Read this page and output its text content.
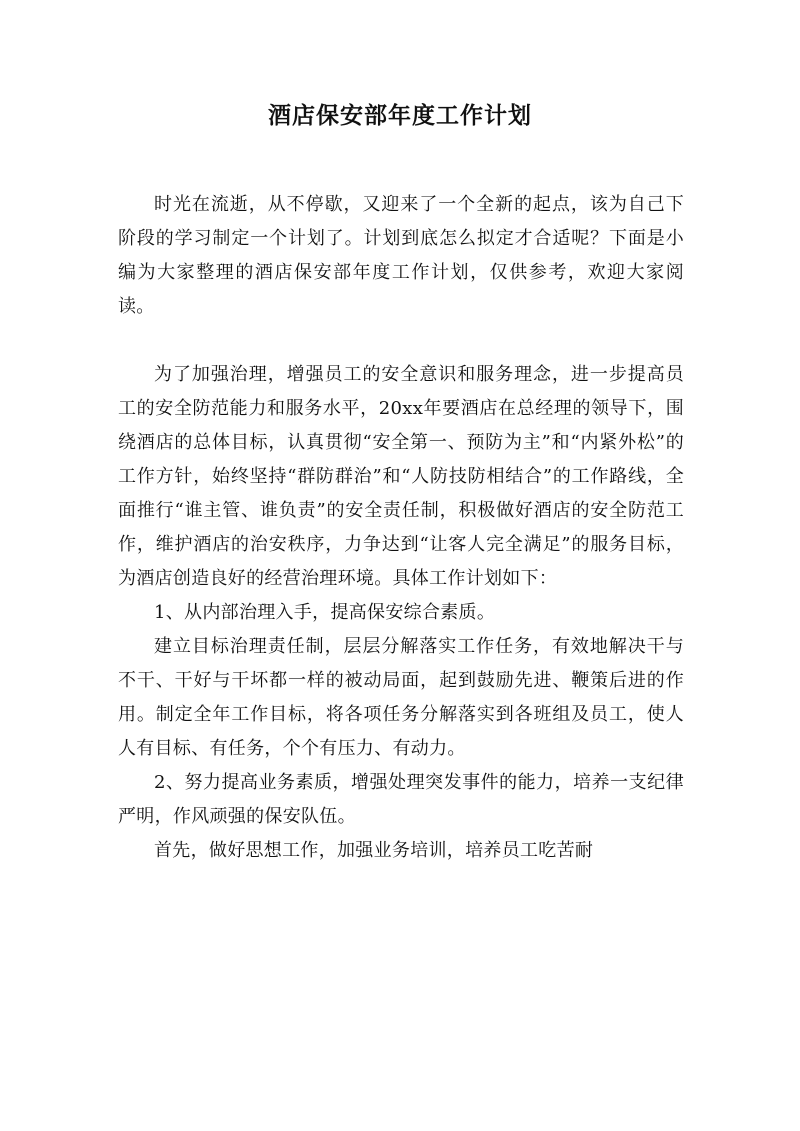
酒店保安部年度工作计划

时光在流逝，从不停歇，又迎来了一个全新的起点，该为自己下阶段的学习制定一个计划了。计划到底怎么拟定才合适呢？下面是小编为大家整理的酒店保安部年度工作计划，仅供参考，欢迎大家阅读。

为了加强治理，增强员工的安全意识和服务理念，进一步提高员工的安全防范能力和服务水平，20xx年要酒店在总经理的领导下，围绕酒店的总体目标，认真贯彻“安全第一、预防为主”和“内紧外松”的工作方针，始终坚持“群防群治”和“人防技防相结合”的工作路线，全面推行“谁主管、谁负责”的安全责任制，积极做好酒店的安全防范工作，维护酒店的治安秩序，力争达到“让客人完全满足”的服务目标，为酒店创造良好的经营治理环境。具体工作计划如下：

1、从内部治理入手，提高保安综合素质。

建立目标治理责任制，层层分解落实工作任务，有效地解决干与不干、干好与干坏都一样的被动局面，起到鼓励先进、鞭策后进的作用。制定全年工作目标，将各项任务分解落实到各班组及员工，使人人有目标、有任务，个个有压力、有动力。

2、努力提高业务素质，增强处理突发事件的能力，培养一支纪律严明，作风顽强的保安队伍。

首先，做好思想工作，加强业务培训，培养员工吃苦耐
